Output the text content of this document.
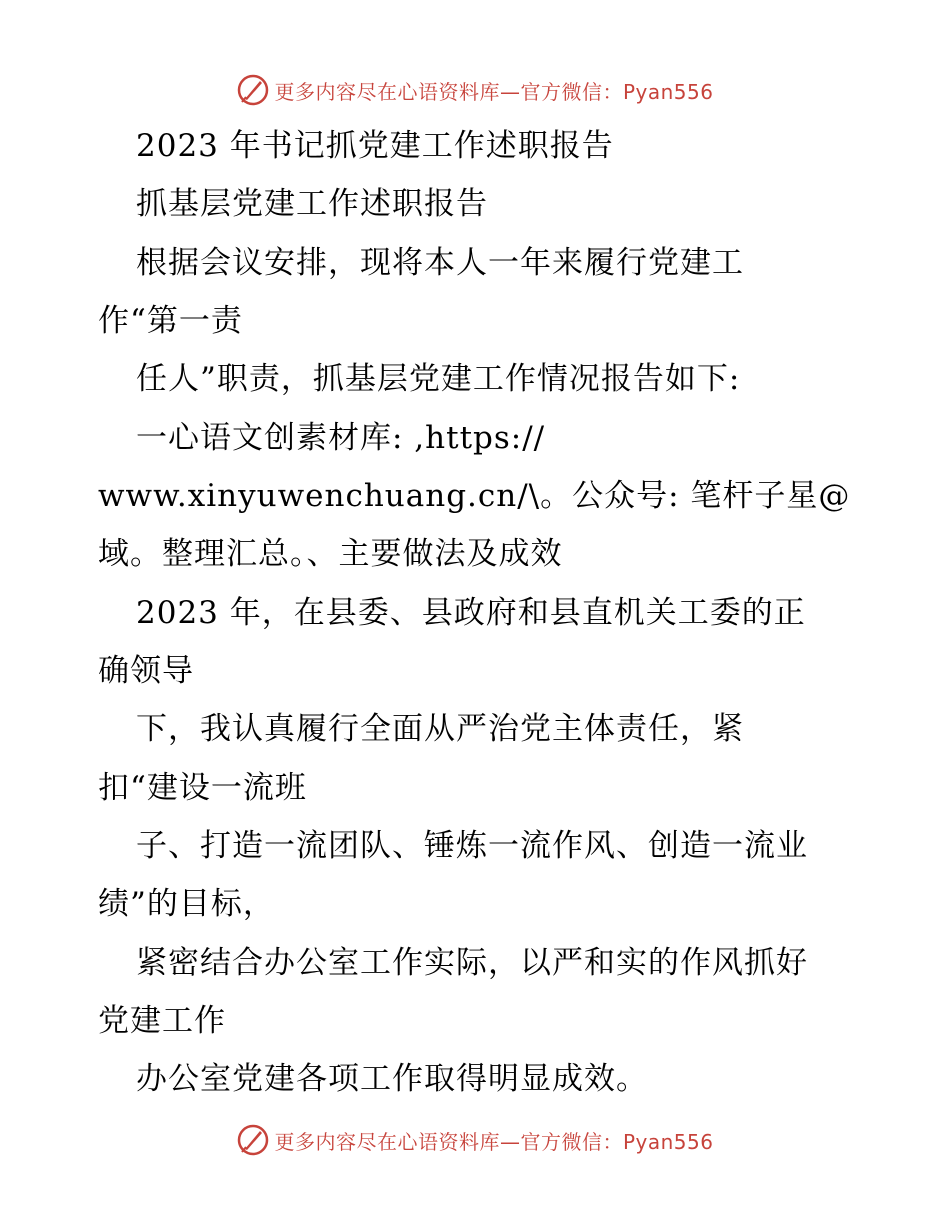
更多内容尽在心语资料库—官方微信：Pyan556
2023 年书记抓党建工作述职报告
抓基层党建工作述职报告
根据会议安排，现将本人一年来履行党建工
作“第一责
任人”职责，抓基层党建工作情况报告如下:
一心语文创素材库: ,https://
www.xinyuwenchuang.cn/\。公众号: 笔杆子星@
域。整理汇总。、主要做法及成效
2023 年，在县委、县政府和县直机关工委的正
确领导
下，我认真履行全面从严治党主体责任，紧
扣“建设一流班
子、打造一流团队、锤炼一流作风、创造一流业
绩”的目标，
紧密结合办公室工作实际，以严和实的作风抓好
党建工作
办公室党建各项工作取得明显成效。
更多内容尽在心语资料库—官方微信：Pyan556
